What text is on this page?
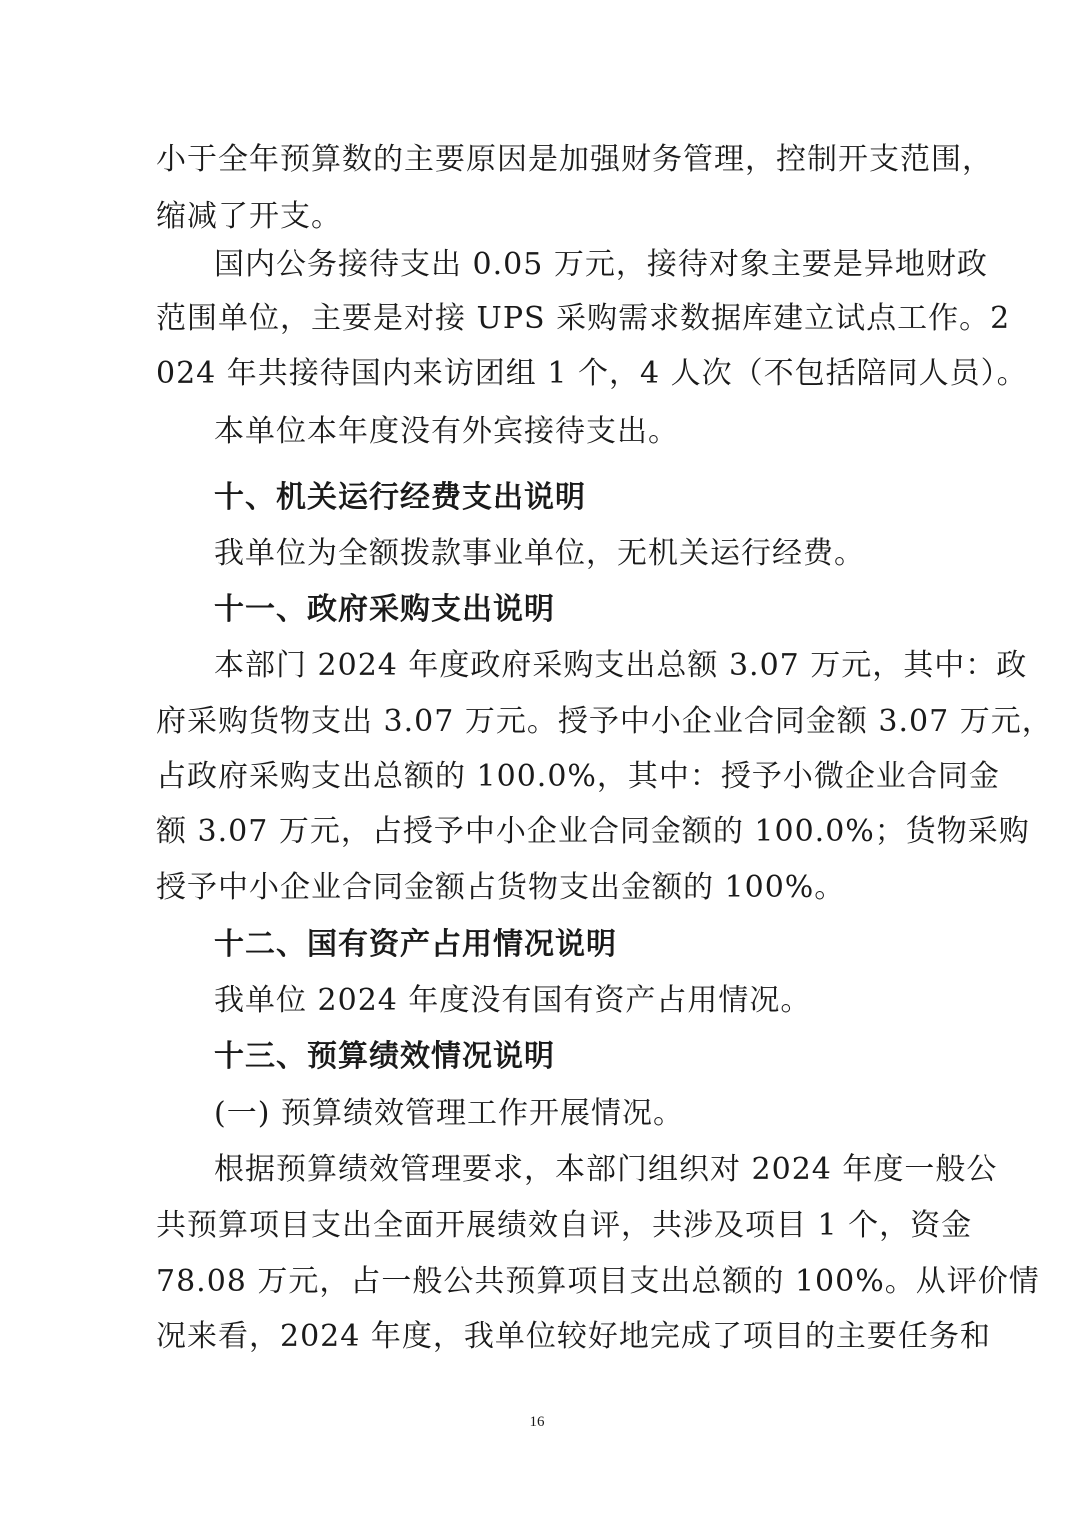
小于全年预算数的主要原因是加强财务管理，控制开支范围，
缩减了开支。
国内公务接待支出 0.05 万元，接待对象主要是异地财政
范围单位，主要是对接 UPS 采购需求数据库建立试点工作。2
024 年共接待国内来访团组 1 个，4 人次（不包括陪同人员）。
本单位本年度没有外宾接待支出。
十、机关运行经费支出说明
我单位为全额拨款事业单位，无机关运行经费。
十一、政府采购支出说明
本部门 2024 年度政府采购支出总额 3.07 万元，其中：政
府采购货物支出 3.07 万元。授予中小企业合同金额 3.07 万元，
占政府采购支出总额的 100.0%，其中：授予小微企业合同金
额 3.07 万元，占授予中小企业合同金额的 100.0%；货物采购
授予中小企业合同金额占货物支出金额的 100%。
十二、国有资产占用情况说明
我单位 2024 年度没有国有资产占用情况。
十三、预算绩效情况说明
(一) 预算绩效管理工作开展情况。
根据预算绩效管理要求，本部门组织对 2024 年度一般公
共预算项目支出全面开展绩效自评，共涉及项目 1 个，资金
78.08 万元，占一般公共预算项目支出总额的 100%。从评价情
况来看，2024 年度，我单位较好地完成了项目的主要任务和
16
